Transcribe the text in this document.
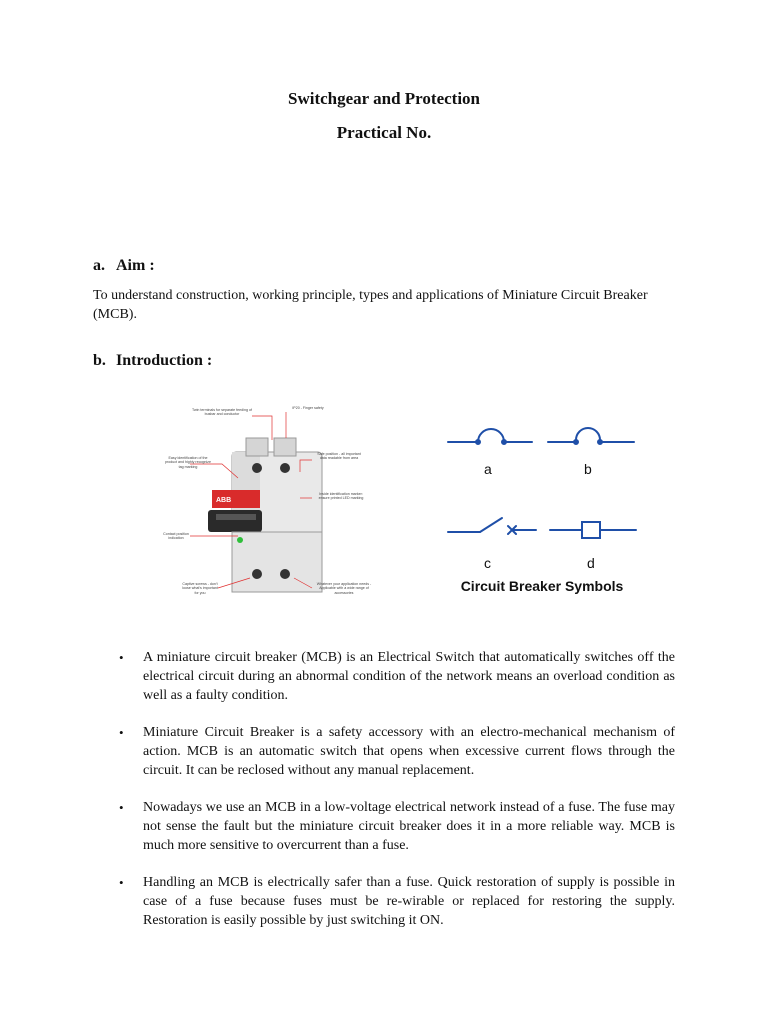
Switchgear and Protection
Practical No.
a. Aim :
To understand construction, working principle, types and applications of Miniature Circuit Breaker (MCB).
b. Introduction :
ABB
Twin terminals for separate feeding of busbar and conductor
IP20 - Finger safety
Easy identification of the product and highly recognize tag marking
Safe position - all important data readable from area
Inside identification marker: ensure printed LED marking
Contact position indication
Captive screws - don't loose what's important for you
Whatever your application needs - Applicable with a wide range of accessories
a	b
c	d
Circuit Breaker Symbols
• A miniature circuit breaker (MCB) is an Electrical Switch that automatically switches off the electrical circuit during an abnormal condition of the network means an overload condition as well as a faulty condition.
• Miniature Circuit Breaker is a safety accessory with an electro-mechanical mechanism of action. MCB is an automatic switch that opens when excessive current flows through the circuit. It can be reclosed without any manual replacement.
• Nowadays we use an MCB in a low-voltage electrical network instead of a fuse. The fuse may not sense the fault but the miniature circuit breaker does it in a more reliable way. MCB is much more sensitive to overcurrent than a fuse.
• Handling an MCB is electrically safer than a fuse. Quick restoration of supply is possible in case of a fuse because fuses must be re-wirable or replaced for restoring the supply. Restoration is easily possible by just switching it ON.
